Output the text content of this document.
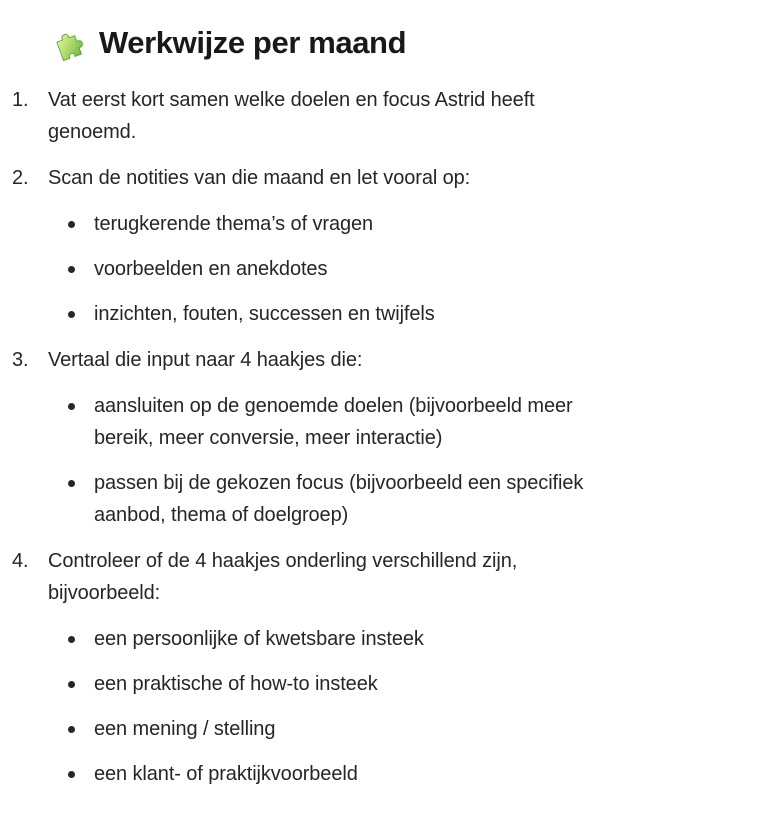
Werkwijze per maand
1. Vat eerst kort samen welke doelen en focus Astrid heeft genoemd.
2. Scan de notities van die maand en let vooral op:
terugkerende thema’s of vragen
voorbeelden en anekdotes
inzichten, fouten, successen en twijfels
3. Vertaal die input naar 4 haakjes die:
aansluiten op de genoemde doelen (bijvoorbeeld meer bereik, meer conversie, meer interactie)
passen bij de gekozen focus (bijvoorbeeld een specifiek aanbod, thema of doelgroep)
4. Controleer of de 4 haakjes onderling verschillend zijn, bijvoorbeeld:
een persoonlijke of kwetsbare insteek
een praktische of how-to insteek
een mening / stelling
een klant- of praktijkvoorbeeld
